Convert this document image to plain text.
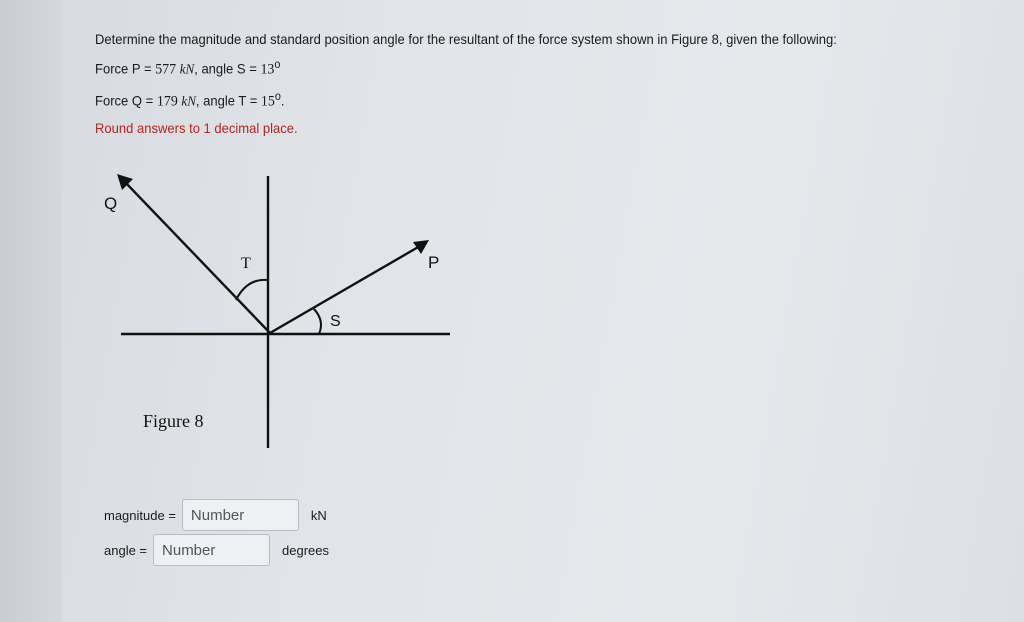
Determine the magnitude and standard position angle for the resultant of the force system shown in Figure 8, given the following:
Force P = 577 kN, angle $S = 13^o$
Force Q = 179 kN, angle $T = 15^o$.
Round answers to 1 decimal place.
Q
P
T
S
Figure 8
magnitude =
Number	kN
angle =
Number	degrees
